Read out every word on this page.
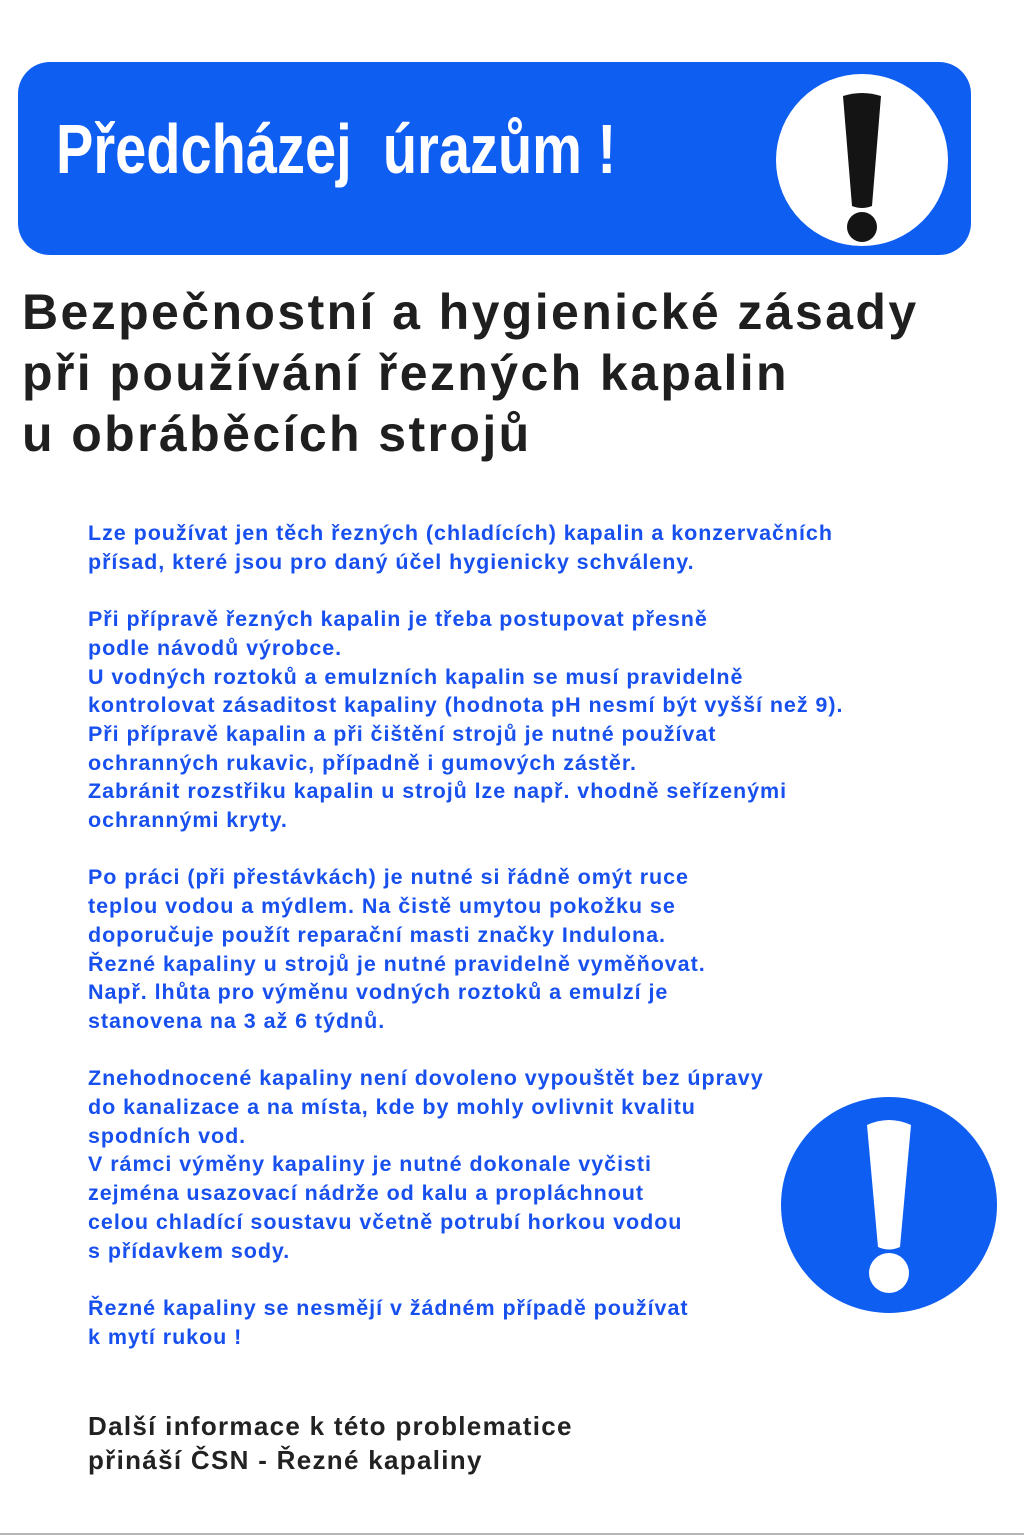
Předcházej  úrazům !
Bezpečnostní a hygienické zásady
při používání řezných kapalin
u obráběcích strojů

Lze používat jen těch řezných (chladících) kapalin a konzervačních
přísad, které jsou pro daný účel hygienicky schváleny.

Při přípravě řezných kapalin je třeba postupovat přesně
podle návodů výrobce.
U vodných roztoků a emulzních kapalin se musí pravidelně
kontrolovat zásaditost kapaliny (hodnota pH nesmí být vyšší než 9).
Při přípravě kapalin a při čištění strojů je nutné používat
ochranných rukavic, případně i gumových zástěr.
Zabránit rozstřiku kapalin u strojů lze např. vhodně seřízenými
ochrannými kryty.

Po práci (při přestávkách) je nutné si řádně omýt ruce
teplou vodou a mýdlem. Na čistě umytou pokožku se
doporučuje použít reparační masti značky Indulona.
Řezné kapaliny u strojů je nutné pravidelně vyměňovat.
Např. lhůta pro výměnu vodných roztoků a emulzí je
stanovena na 3 až 6 týdnů.

Znehodnocené kapaliny není dovoleno vypouštět bez úpravy
do kanalizace a na místa, kde by mohly ovlivnit kvalitu
spodních vod.
V rámci výměny kapaliny je nutné dokonale vyčisti
zejména usazovací nádrže od kalu a propláchnout
celou chladící soustavu včetně potrubí horkou vodou
s přídavkem sody.

Řezné kapaliny se nesmějí v žádném případě používat
k mytí rukou !

Další informace k této problematice
přináší ČSN - Řezné kapaliny
